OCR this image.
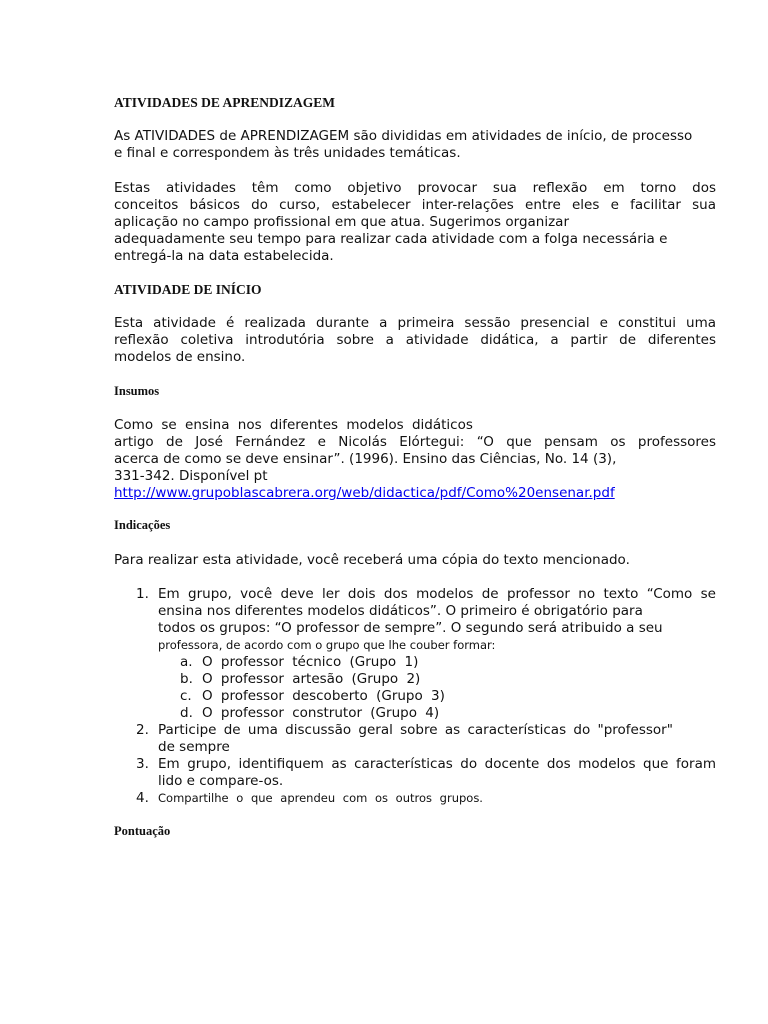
ATIVIDADES DE APRENDIZAGEM

As ATIVIDADES de APRENDIZAGEM são divididas em atividades de início, de processo
e final e correspondem às três unidades temáticas.

Estas atividades têm como objetivo provocar sua reflexão em torno dos
conceitos básicos do curso, estabelecer inter-relações entre eles e facilitar sua
aplicação no campo profissional em que atua. Sugerimos organizar
adequadamente seu tempo para realizar cada atividade com a folga necessária e
entregá-la na data estabelecida.

ATIVIDADE DE INÍCIO

Esta atividade é realizada durante a primeira sessão presencial e constitui uma
reflexão coletiva introdutória sobre a atividade didática, a partir de diferentes
modelos de ensino.

Insumos
Como se ensina nos diferentes modelos didáticos
artigo de José Fernández e Nicolás Elórtegui: “O que pensam os professores
acerca de como se deve ensinar”. (1996). Ensino das Ciências, No. 14 (3),
331-342. Disponível pt
http://www.grupoblascabrera.org/web/didactica/pdf/Como%20ensenar.pdf
Indicações

Para realizar esta atividade, você receberá uma cópia do texto mencionado.

1. Em grupo, você deve ler dois dos modelos de professor no texto “Como se
ensina nos diferentes modelos didáticos”. O primeiro é obrigatório para
todos os grupos: “O professor de sempre”. O segundo será atribuido a seu
professora, de acordo com o grupo que lhe couber formar:
a. O professor técnico (Grupo 1)
b. O professor artesão (Grupo 2)
c. O professor descoberto (Grupo 3)
d. O professor construtor (Grupo 4)
2. Participe de uma discussão geral sobre as características do "professor"
de sempre
3. Em grupo, identifiquem as características do docente dos modelos que foram
lido e compare-os.
4. Compartilhe o que aprendeu com os outros grupos.
Pontuação
